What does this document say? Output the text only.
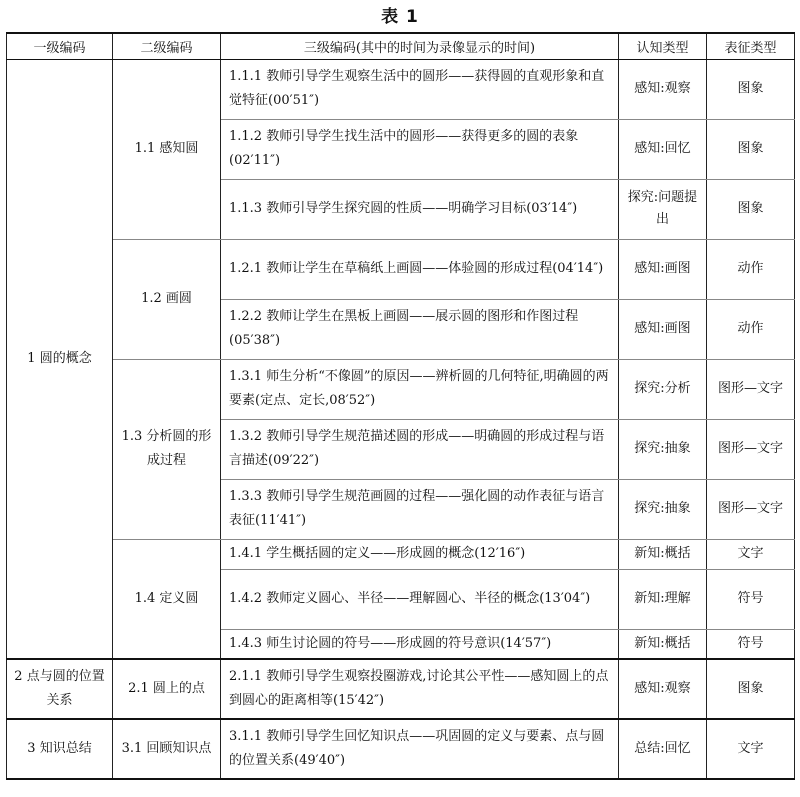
表 1
一级编码	二级编码	三级编码(其中的时间为录像显示的时间)	认知类型	表征类型
1 圆的概念	1.1 感知圆	1.1.1 教师引导学生观察生活中的圆形——获得圆的直观形象和直觉特征(00′51″)	感知:观察	图象
		1.1.2 教师引导学生找生活中的圆形——获得更多的圆的表象(02′11″)	感知:回忆	图象
		1.1.3 教师引导学生探究圆的性质——明确学习目标(03′14″)	探究:问题提出	图象
	1.2 画圆	1.2.1 教师让学生在草稿纸上画圆——体验圆的形成过程(04′14″)	感知:画图	动作
		1.2.2 教师让学生在黑板上画圆——展示圆的图形和作图过程(05′38″)	感知:画图	动作
	1.3 分析圆的形成过程	1.3.1 师生分析“不像圆”的原因——辨析圆的几何特征,明确圆的两要素(定点、定长,08′52″)	探究:分析	图形—文字
		1.3.2 教师引导学生规范描述圆的形成——明确圆的形成过程与语言描述(09′22″)	探究:抽象	图形—文字
		1.3.3 教师引导学生规范画圆的过程——强化圆的动作表征与语言表征(11′41″)	探究:抽象	图形—文字
	1.4 定义圆	1.4.1 学生概括圆的定义——形成圆的概念(12′16″)	新知:概括	文字
		1.4.2 教师定义圆心、半径——理解圆心、半径的概念(13′04″)	新知:理解	符号
		1.4.3 师生讨论圆的符号——形成圆的符号意识(14′57″)	新知:概括	符号
2 点与圆的位置关系	2.1 圆上的点	2.1.1 教师引导学生观察投圈游戏,讨论其公平性——感知圆上的点到圆心的距离相等(15′42″)	感知:观察	图象
3 知识总结	3.1 回顾知识点	3.1.1 教师引导学生回忆知识点——巩固圆的定义与要素、点与圆的位置关系(49′40″)	总结:回忆	文字
